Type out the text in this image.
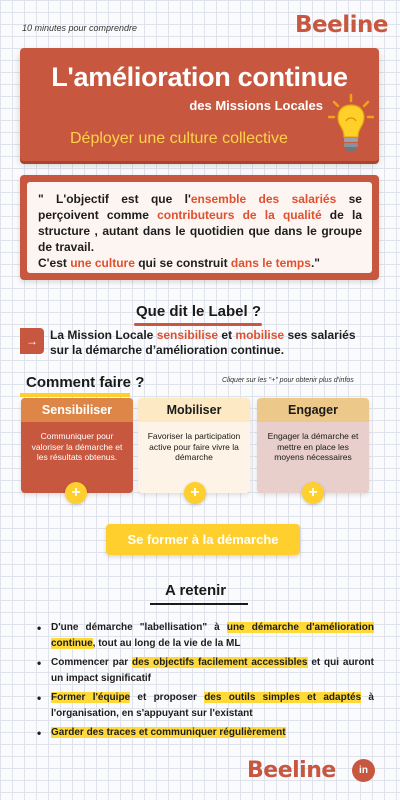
10 minutes pour comprendre	Beeline
L'amélioration continue
des Missions Locales
Déployer une culture collective
" L'objectif est que l'ensemble des salariés se perçoivent comme contributeurs de la qualité de la structure , autant dans le quotidien que dans le groupe de travail.
C'est une culture qui se construit dans le temps."
Que dit le Label ?
→	La Mission Locale sensibilise et mobilise ses salariés sur la démarche d’amélioration continue.
Comment faire ?	Cliquer sur les "+" pour obtenir plus d'infos
Sensibiliser
Communiquer pour valoriser la démarche et les résultats obtenus.
Mobiliser
Favoriser la participation active pour faire vivre la démarche
Engager
Engager la démarche et mettre en place les moyens nécessaires
+	+	+
Se former à la démarche
A retenir
• D'une démarche "labellisation" à une démarche d'amélioration continue, tout au long de la vie de la ML
• Commencer par des objectifs facilement accessibles et qui auront un impact significatif
• Former l'équipe et proposer des outils simples et adaptés à l'organisation, en s'appuyant sur l'existant
• Garder des traces et communiquer régulièrement
Beeline	in
